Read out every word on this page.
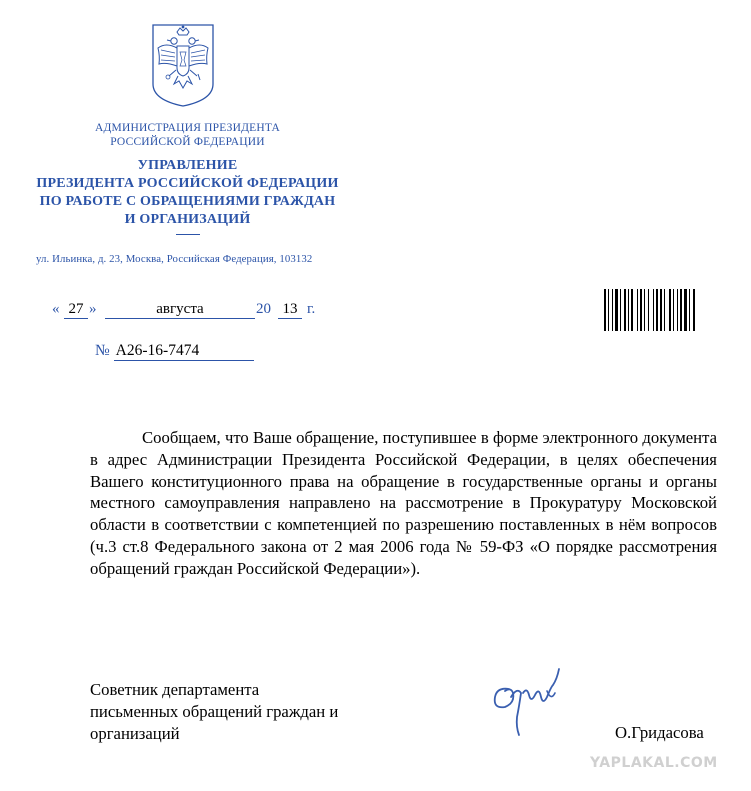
АДМИНИСТРАЦИЯ ПРЕЗИДЕНТА
РОССИЙСКОЙ ФЕДЕРАЦИИ
УПРАВЛЕНИЕ
ПРЕЗИДЕНТА РОССИЙСКОЙ ФЕДЕРАЦИИ
ПО РАБОТЕ С ОБРАЩЕНИЯМИ ГРАЖДАН
И ОРГАНИЗАЦИЙ
ул. Ильинка, д. 23, Москва, Российская Федерация, 103132
« 27 »	августа	20 13 г.
№ А26-16-7474

Сообщаем, что Ваше обращение, поступившее в форме электронного документа в адрес Администрации Президента Российской Федерации, в целях обеспечения Вашего конституционного права на обращение в государственные органы и органы местного самоуправления направлено на рассмотрение в Прокуратуру Московской области в соответствии с компетенцией по разрешению поставленных в нём вопросов (ч.3 ст.8 Федерального закона от 2 мая 2006 года № 59-ФЗ «О порядке рассмотрения обращений граждан Российской Федерации»).

Советник департамента
письменных обращений граждан и
организаций	О.Гридасова
YAPLAKAL.COM
